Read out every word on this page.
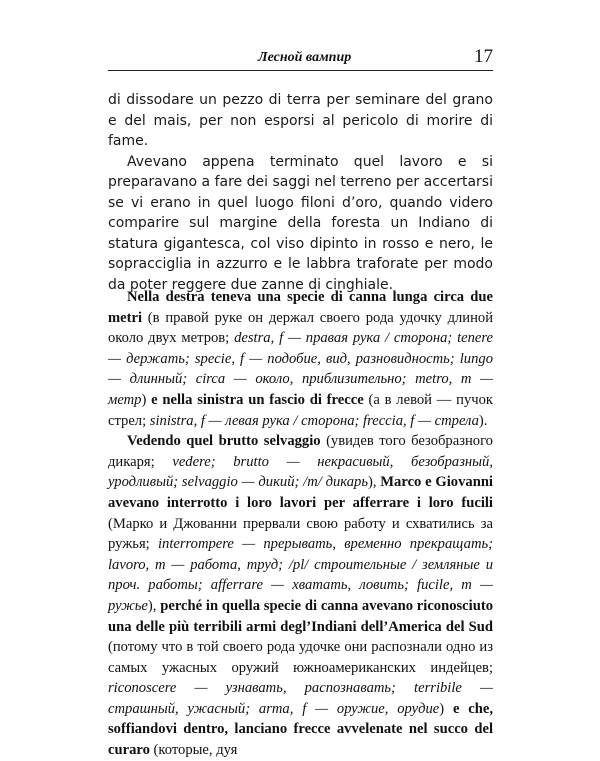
Лесной вампир	17

di dissodare un pezzo di terra per seminare del grano e del mais, per non esporsi al pericolo di morire di fame.

Avevano appena terminato quel lavoro e si preparavano a fare dei saggi nel terreno per accertarsi se vi erano in quel luogo filoni d’oro, quando videro comparire sul margine della foresta un Indiano di statura gigantesca, col viso dipinto in rosso e nero, le sopracciglia in azzurro e le labbra traforate per modo da poter reggere due zanne di cinghiale.

Nella destra teneva una specie di canna lunga circa due metri (в правой руке он держал своего рода удочку длиной около двух метров; destra, f — правая рука / сторона; tenere — держать; specie, f — подобие, вид, разновидность; lungo — длинный; circa — около, приблизительно; metro, m — метр) e nella sinistra un fascio di frecce (а в левой — пучок стрел; sinistra, f — левая рука / сторона; freccia, f — стрела).

Vedendo quel brutto selvaggio (увидев того безобразного дикаря; vedere; brutto — некрасивый, безобразный, уродливый; selvaggio — дикий; /m/ дикарь), Marco e Giovanni avevano interrotto i loro lavori per afferrare i loro fucili (Марко и Джованни прервали свою работу и схватились за ружья; interrompere — прерывать, временно прекращать; lavoro, m — работа, труд; /pl/ строительные / земляные и проч. работы; afferrare — хватать, ловить; fucile, m — ружье), perché in quella specie di canna avevano riconosciuto una delle più terribili armi degl’Indiani dell’America del Sud (потому что в той своего рода удочке они распознали одно из самых ужасных оружий южноамериканских индейцев; riconoscere — узнавать, распознавать; terribile — страшный, ужасный; arma, f — оружие, орудие) e che, soffiandovi dentro, lanciano frecce avvelenate nel succo del curaro (которые, дуя
